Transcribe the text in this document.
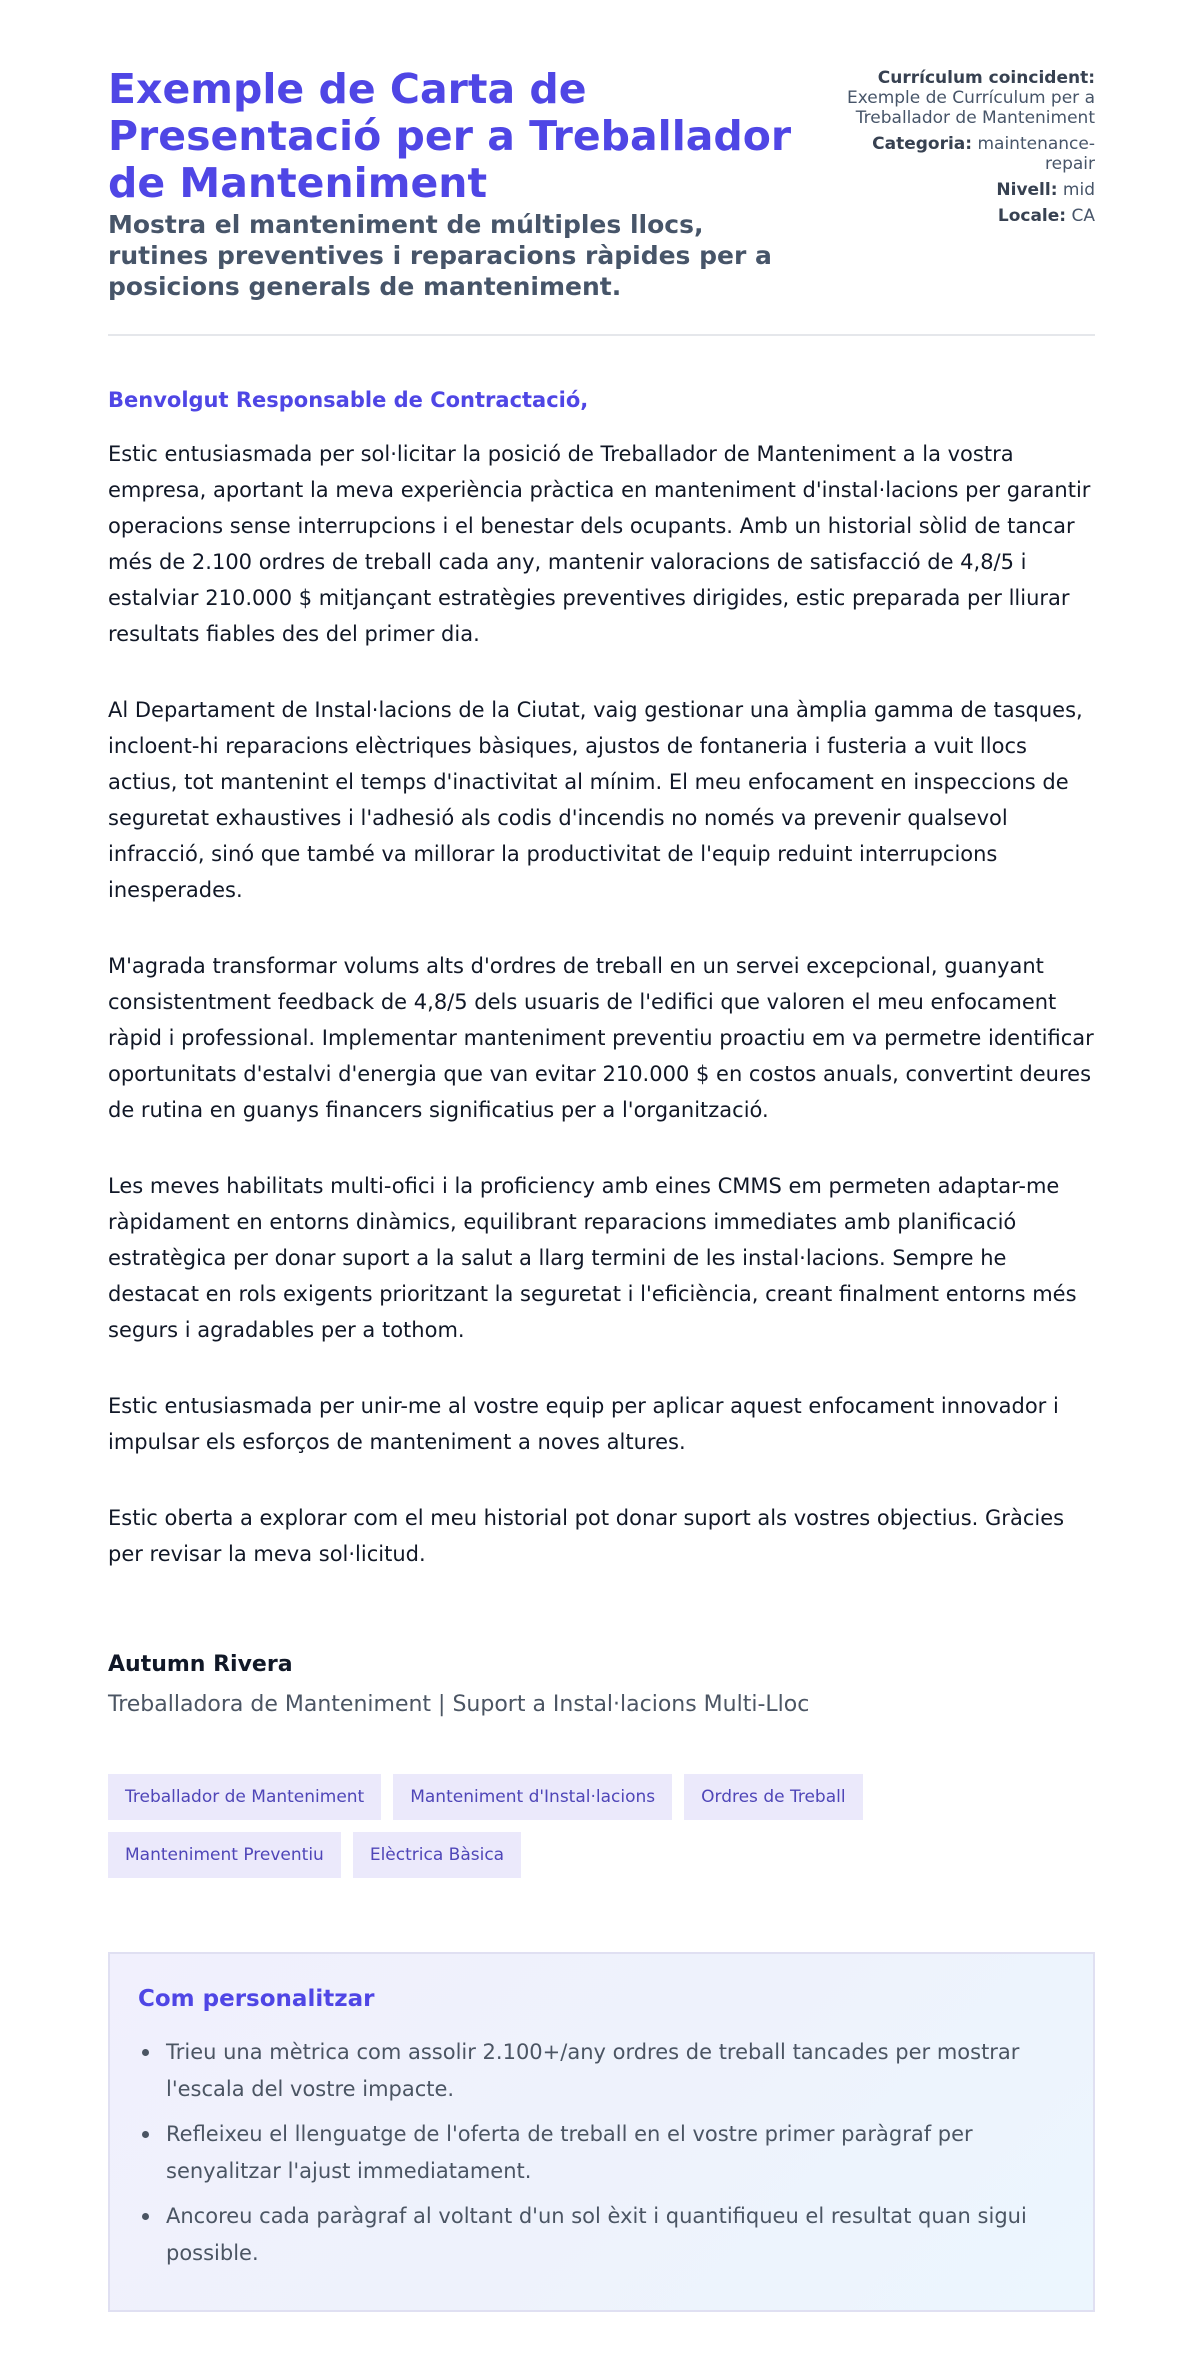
Exemple de Carta de Presentació per a Treballador de Manteniment
Mostra el manteniment de múltiples llocs, rutines preventives i reparacions ràpides per a posicions generals de manteniment.
Currículum coincident:
Exemple de Currículum per a Treballador de Manteniment
Categoria: maintenance-repair
Nivell: mid
Locale: CA

Benvolgut Responsable de Contractació,

Estic entusiasmada per sol·licitar la posició de Treballador de Manteniment a la vostra empresa, aportant la meva experiència pràctica en manteniment d'instal·lacions per garantir operacions sense interrupcions i el benestar dels ocupants. Amb un historial sòlid de tancar més de 2.100 ordres de treball cada any, mantenir valoracions de satisfacció de 4,8/5 i estalviar 210.000 $ mitjançant estratègies preventives dirigides, estic preparada per lliurar resultats fiables des del primer dia.

Al Departament de Instal·lacions de la Ciutat, vaig gestionar una àmplia gamma de tasques, incloent-hi reparacions elèctriques bàsiques, ajustos de fontaneria i fusteria a vuit llocs actius, tot mantenint el temps d'inactivitat al mínim. El meu enfocament en inspeccions de seguretat exhaustives i l'adhesió als codis d'incendis no només va prevenir qualsevol infracció, sinó que també va millorar la productivitat de l'equip reduint interrupcions inesperades.

M'agrada transformar volums alts d'ordres de treball en un servei excepcional, guanyant consistentment feedback de 4,8/5 dels usuaris de l'edifici que valoren el meu enfocament ràpid i professional. Implementar manteniment preventiu proactiu em va permetre identificar oportunitats d'estalvi d'energia que van evitar 210.000 $ en costos anuals, convertint deures de rutina en guanys financers significatius per a l'organització.

Les meves habilitats multi-ofici i la proficiency amb eines CMMS em permeten adaptar-me ràpidament en entorns dinàmics, equilibrant reparacions immediates amb planificació estratègica per donar suport a la salut a llarg termini de les instal·lacions. Sempre he destacat en rols exigents prioritzant la seguretat i l'eficiència, creant finalment entorns més segurs i agradables per a tothom.

Estic entusiasmada per unir-me al vostre equip per aplicar aquest enfocament innovador i impulsar els esforços de manteniment a noves altures.

Estic oberta a explorar com el meu historial pot donar suport als vostres objectius. Gràcies per revisar la meva sol·licitud.

Autumn Rivera
Treballadora de Manteniment | Suport a Instal·lacions Multi-Lloc
Treballador de Manteniment	Manteniment d'Instal·lacions	Ordres de Treball
Manteniment Preventiu	Elèctrica Bàsica
Com personalitzar
Trieu una mètrica com assolir 2.100+/any ordres de treball tancades per mostrar l'escala del vostre impacte.
Refleixeu el llenguatge de l'oferta de treball en el vostre primer paràgraf per senyalitzar l'ajust immediatament.
Ancoreu cada paràgraf al voltant d'un sol èxit i quantifiqueu el resultat quan sigui possible.
